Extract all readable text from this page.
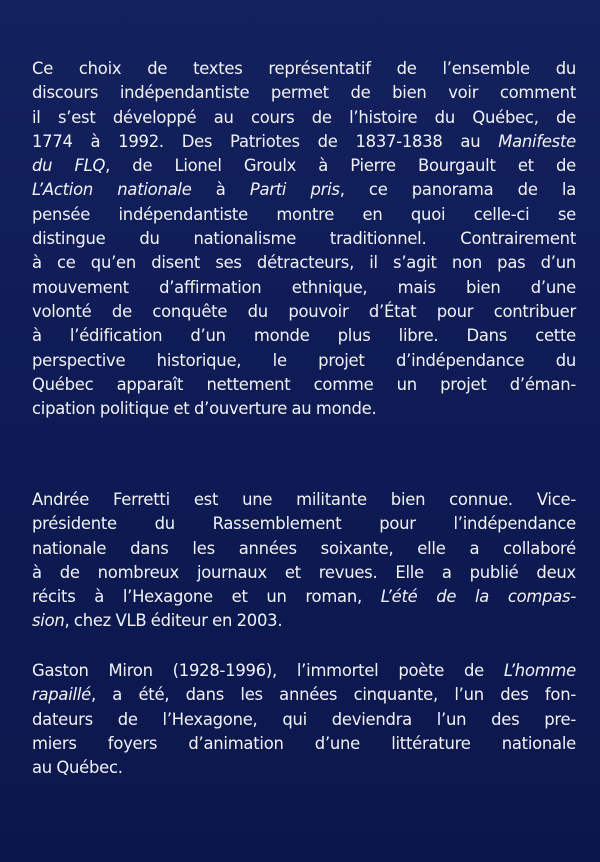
Ce choix de textes représentatif de l’ensemble du
discours indépendantiste permet de bien voir comment
il s’est développé au cours de l’histoire du Québec, de
1774 à 1992. Des Patriotes de 1837-1838 au Manifeste
du FLQ, de Lionel Groulx à Pierre Bourgault et de
L’Action nationale à Parti pris, ce panorama de la
pensée indépendantiste montre en quoi celle-ci se
distingue du nationalisme traditionnel. Contrairement
à ce qu’en disent ses détracteurs, il s’agit non pas d’un
mouvement d’affirmation ethnique, mais bien d’une
volonté de conquête du pouvoir d’État pour contribuer
à l’édification d’un monde plus libre. Dans cette
perspective historique, le projet d’indépendance du
Québec apparaît nettement comme un projet d’éman-
cipation politique et d’ouverture au monde.

Andrée Ferretti est une militante bien connue. Vice-
présidente du Rassemblement pour l’indépendance
nationale dans les années soixante, elle a collaboré
à de nombreux journaux et revues. Elle a publié deux
récits à l’Hexagone et un roman, L’été de la compas-
sion, chez VLB éditeur en 2003.

Gaston Miron (1928-1996), l’immortel poète de L’homme
rapaillé, a été, dans les années cinquante, l’un des fon-
dateurs de l’Hexagone, qui deviendra l’un des pre-
miers foyers d’animation d’une littérature nationale
au Québec.
